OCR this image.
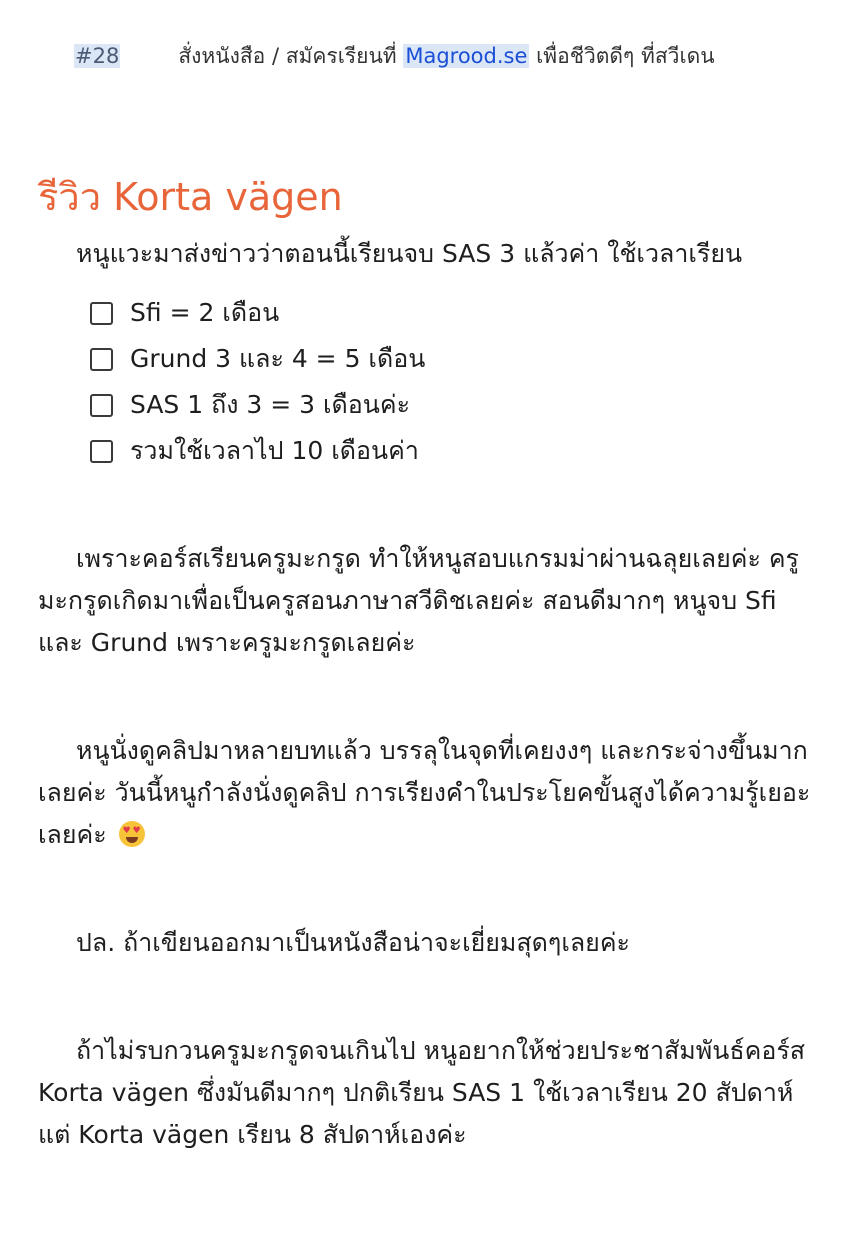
#28	สั่งหนังสือ / สมัครเรียนที่ Magrood.se เพื่อชีวิตดีๆ ที่สวีเดน
รีวิว Korta vägen

หนูแวะมาส่งข่าวว่าตอนนี้เรียนจบ SAS 3 แล้วค่า ใช้เวลาเรียน

Sfi = 2 เดือน
Grund 3 และ 4 = 5 เดือน
SAS 1 ถึง 3 = 3 เดือนค่ะ
รวมใช้เวลาไป 10 เดือนค่า

เพราะคอร์สเรียนครูมะกรูด ทำให้หนูสอบแกรมม่าผ่านฉลุยเลยค่ะ ครูมะกรูดเกิดมาเพื่อเป็นครูสอนภาษาสวีดิชเลยค่ะ สอนดีมากๆ หนูจบ Sfi และ Grund เพราะครูมะกรูดเลยค่ะ

หนูนั่งดูคลิปมาหลายบทแล้ว บรรลุในจุดที่เคยงงๆ และกระจ่างขึ้นมากเลยค่ะ วันนี้หนูกำลังนั่งดูคลิป การเรียงคำในประโยคขั้นสูงได้ความรู้เยอะเลยค่ะ ♥ ♥

ปล. ถ้าเขียนออกมาเป็นหนังสือน่าจะเยี่ยมสุดๆเลยค่ะ

ถ้าไม่รบกวนครูมะกรูดจนเกินไป หนูอยากให้ช่วยประชาสัมพันธ์คอร์ส Korta vägen ซึ่งมันดีมากๆ ปกติเรียน SAS 1 ใช้เวลาเรียน 20 สัปดาห์ แต่ Korta vägen เรียน 8 สัปดาห์เองค่ะ
